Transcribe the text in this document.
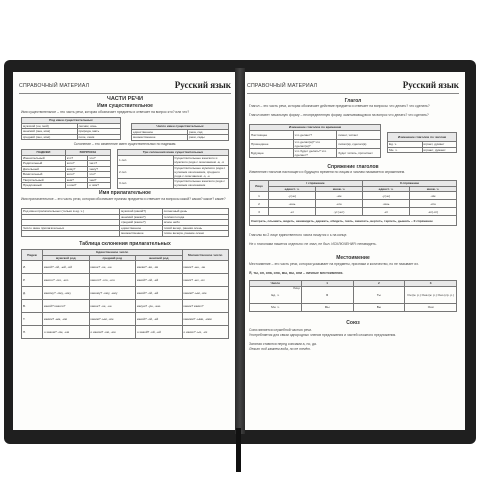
СПРАВОЧНЫЙ МАТЕРИАЛ	Русский язык
ЧАСТИ РЕЧИ
Имя существительное
Имя существительное – это часть речи, которая обозначает предметы и отвечает на вопрос кто? или что?
Род имен существительных	
мужской (он, мой)	лесник, конь
женский (она, моя)	природа, мать
средний (оно, моё)	поле, семя
Число имен существительных	
единственное	река, сад
множественное	реки, сады
Склонение – это изменение имен существительных по падежам.
ПАДЕЖИ	ВОПРОСЫ	
Именительный	кто?	что?
Родительный	кого?	чего?
Дательный	кому?	чему?
Винительный	кого?	что?
Творительный	кем?	чем?
Предложный	о ком?	о чём?
Три склонения имен существительных	
1 скл.	Существительные женского и мужского рода с окончанием -а, -я
2 скл.	Существительные мужского рода с нулевым окончанием, среднего рода с окончанием -о, -е
3 скл.	Существительные женского рода с нулевым окончанием
Имя прилагательное
Имя прилагательное – это часть речи, которая обозначает признак предмета и отвечает на вопросы какой? какая? какое? какие?
Род имен прилагательных (только в ед. ч.)	мужской (какой?)	солнечный день
	женский (какая?)	теплая погода
	средний (какое?)	ясное небо
Число имен прилагательных	единственное	тихий вечер, ранняя осень
	множественное	тихие вечера, ранние осени
Таблица склонения прилагательных
Падеж	Единственное число			Множественное число
	мужской род	средний род	женский род	
И.	какой? -ой, -ый, -ий	какое? -ое, -ее	какая? -ая, -яя	какие? -ые, -ие
Р.	какого? -ого, -его	какого? -ого, -его	какой? -ой, -ей	каких? -ых, -их
Д.	какому? -ому, -ему	какому? -ому, -ему	какой? -ой, -ей	каким? -ым, -им
В.	какой? какого?	какое? -ое, -ее	какую? -ую, -юю	какие? каких?
Т.	каким? -ым, -им	каким? -ым, -им	какой? -ой, -ей	какими? -ыми, -ими
П.	о каком? -ом, -ем	о каком? -ом, -ем	о какой? -ой, -ей	о каких? -ых, -их
СПРАВОЧНЫЙ МАТЕРИАЛ	Русский язык
Глагол
Глагол – это часть речи, которая обозначает действие предмета и отвечает на вопросы: что делать? что сделать?
Глагол имеет начальную форму – неопределенную форму, оканчивающуюся на вопрос что делать? что сделать?
Изменение глаголов по временам		
Настоящее	что делает?	пишет, читает
Прошедшее	что делал(а)? что сделал(а)?	писал(а), сделал(а)
Будущее	что будет делать? что сделает?	будет читать, прочитает
Изменение глаголов по числам	
Ед. ч.	играет, думает
Мн. ч.	играют, думают
Спряжение глаголов
Изменение глаголов настоящего и будущего времени по лицам и числам называется спряжением.
Лицо	I спряжение		II спряжение	
	единст. ч.	множ. ч.	единст. ч.	множ. ч.
1	-у(-ю)	-ем	-у(-ю)	-им
2	-ешь	-ете	-ишь	-ите
3	-ет	-ут(-ют)	-ит	-ат(-ят)
Смотреть, слышать, видеть, ненавидеть, держать, обидеть, гнать, зависеть, вертеть, терпеть, дышать – II спряжение				
Глаголы во 2 лице единственного числа пишутся с ь на конце.
Не с глаголами пишется отдельно: не знал, не был. ИСКЛЮЧЕНИЯ: ненавидеть.
Местоимение
Местоимение – это часть речи, которая указывает на предметы, признаки и количество, но не называет их.
Я, ты, он, она, оно, мы, вы, они – личные местоимения.
Число	1	2	3
Ед. ч.	Я	Ты	Он (м. р.) Она (ж. р.) Оно (ср. р.)
Мн. ч.	Мы	Вы	Они
Лицо
Союз
Союз является служебной частью речи.
Употребляется для связи однородных членов предложения и частей сложного предложения.
Запятая ставится перед союзами а, но, да.
Лежит под камнем вода, но не течёт.
